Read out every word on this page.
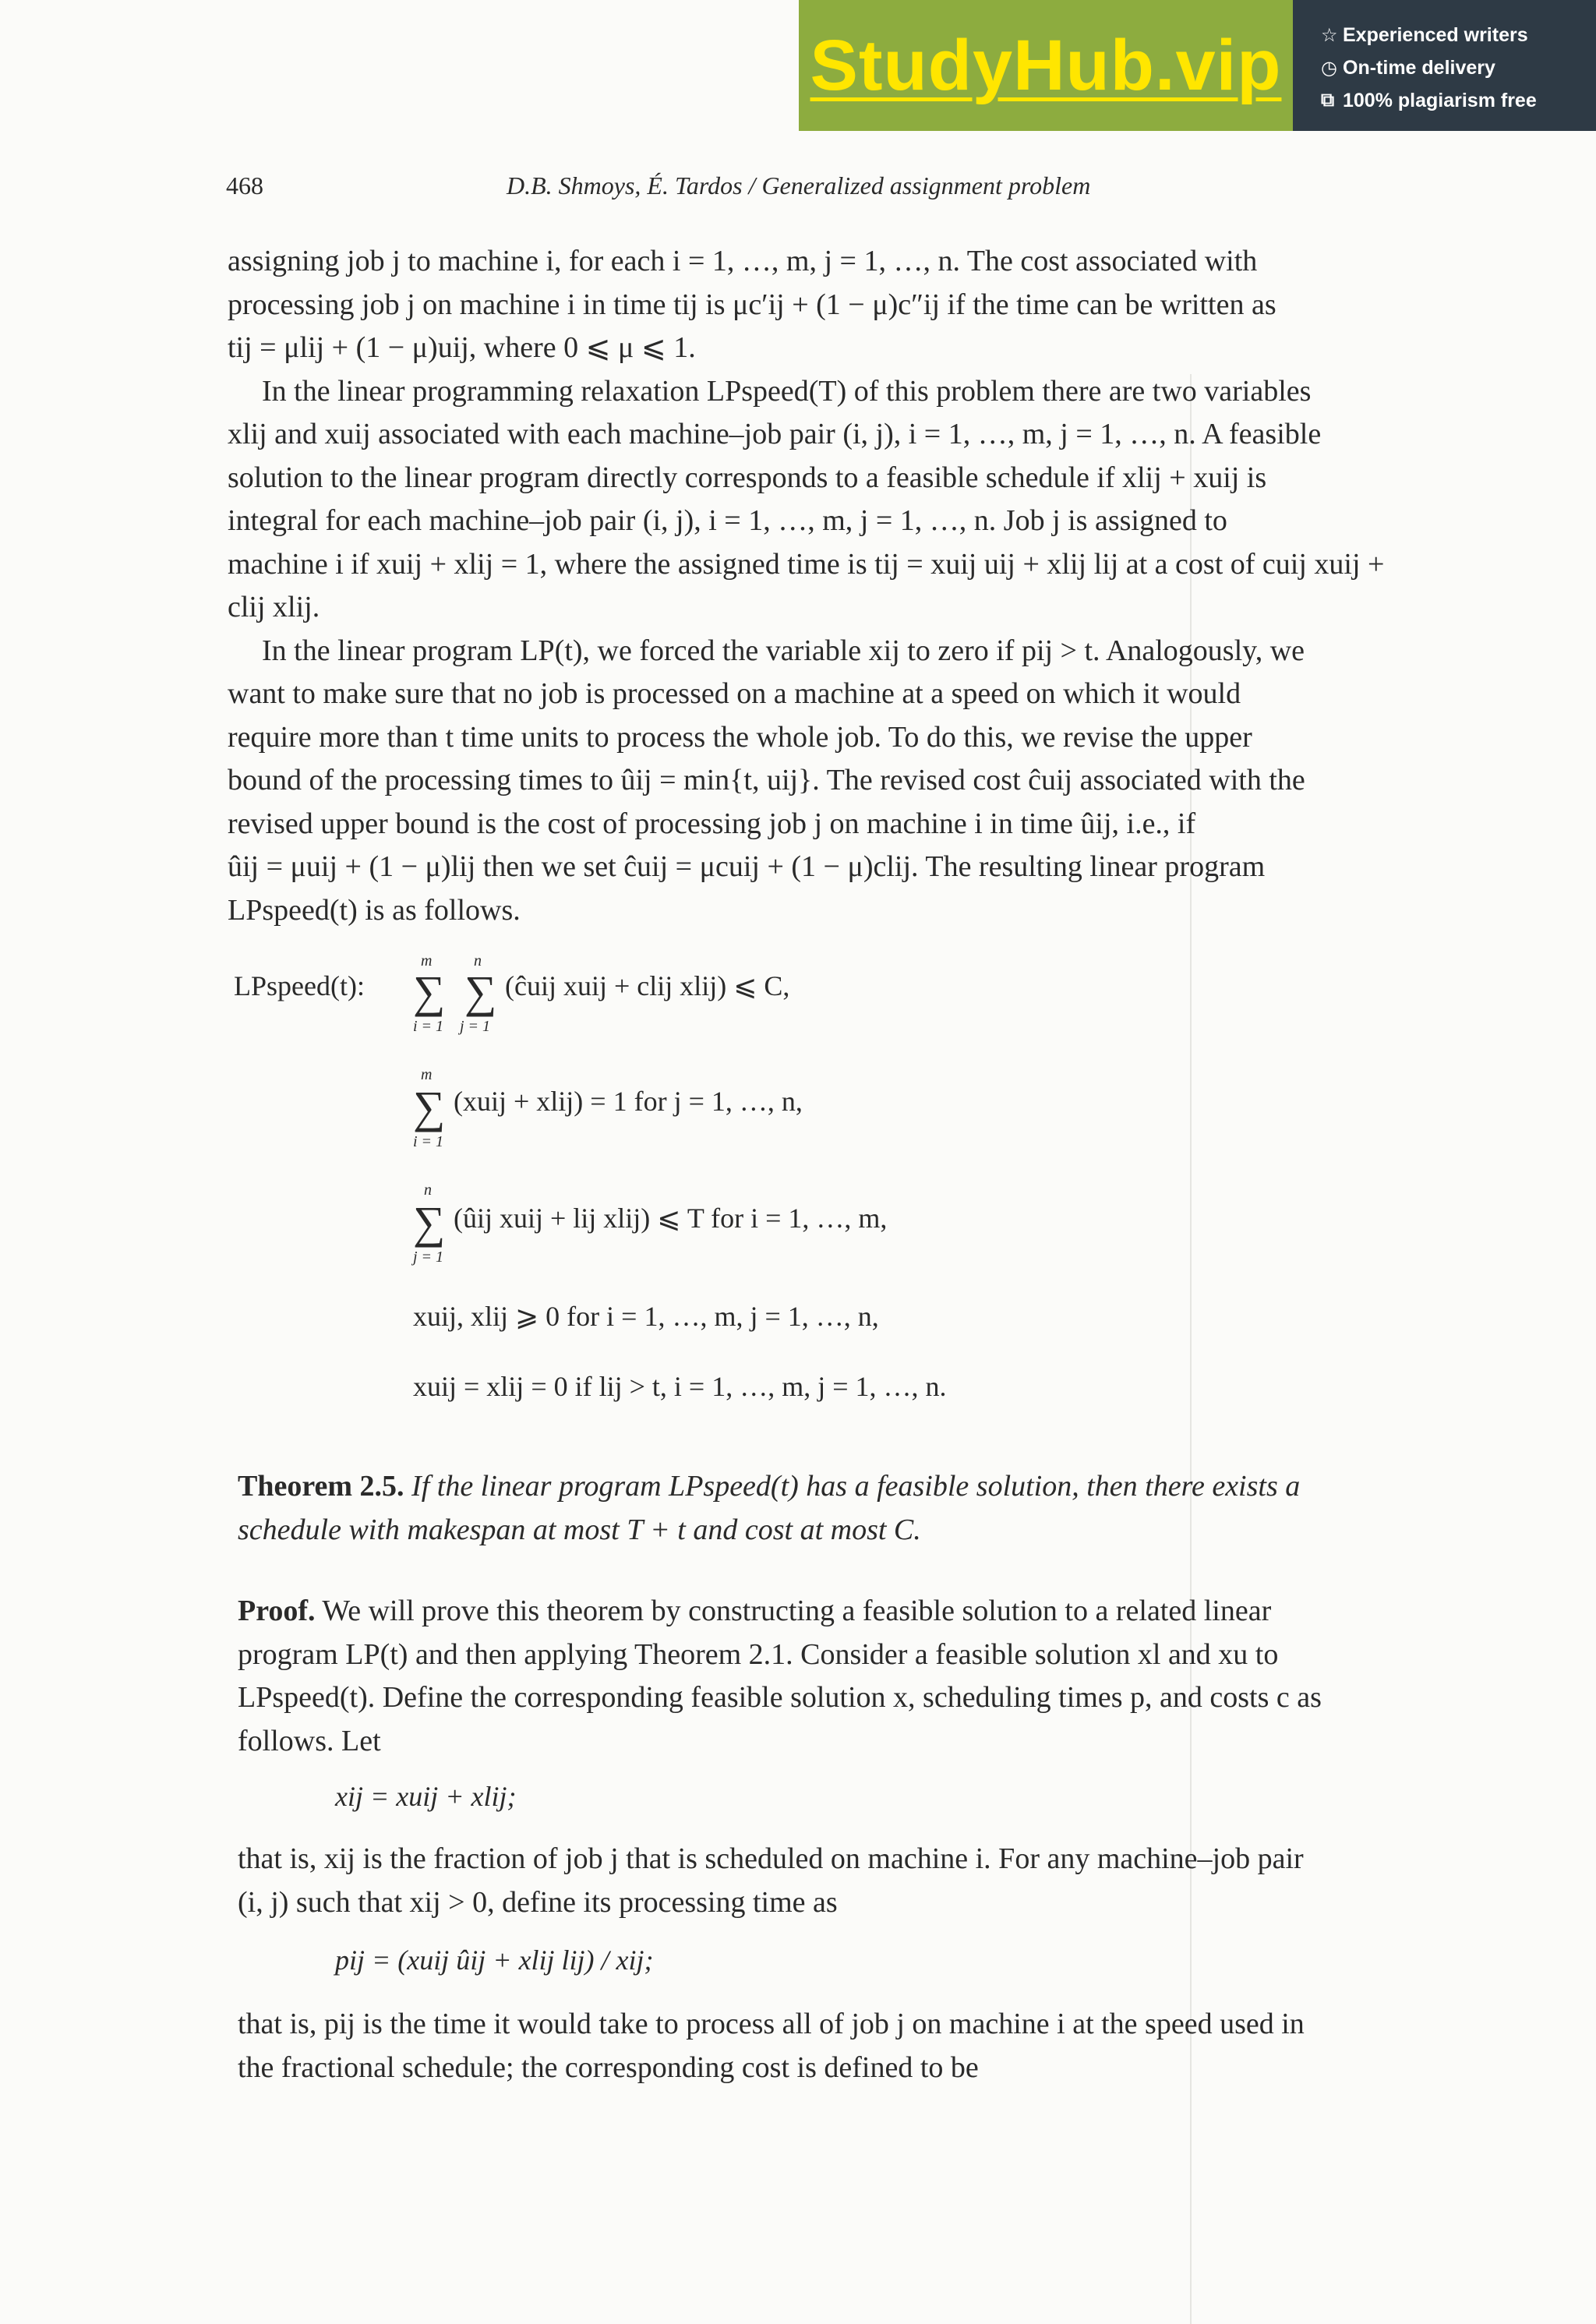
StudyHub.vip ☆ Experienced writers
◷ On-time delivery
⧉ 100% plagiarism free
468	D.B. Shmoys, É. Tardos / Generalized assignment problem

assigning job j to machine i, for each i = 1, …, m, j = 1, …, n. The cost associated with

processing job j on machine i in time tij is μc′ij + (1 − μ)c″ij if the time can be written as

tij = μlij + (1 − μ)uij, where 0 ⩽ μ ⩽ 1.

In the linear programming relaxation LPspeed(T) of this problem there are two variables

xlij and xuij associated with each machine–job pair (i, j), i = 1, …, m, j = 1, …, n. A feasible

solution to the linear program directly corresponds to a feasible schedule if xlij + xuij is

integral for each machine–job pair (i, j), i = 1, …, m, j = 1, …, n. Job j is assigned to

machine i if xuij + xlij = 1, where the assigned time is tij = xuij uij + xlij lij at a cost of cuij xuij +

clij xlij.

In the linear program LP(t), we forced the variable xij to zero if pij > t. Analogously, we

want to make sure that no job is processed on a machine at a speed on which it would

require more than t time units to process the whole job. To do this, we revise the upper

bound of the processing times to ûij = min{t, uij}. The revised cost ĉuij associated with the

revised upper bound is the cost of processing job j on machine i in time ûij, i.e., if

ûij = μuij + (1 − μ)lij then we set ĉuij = μcuij + (1 − μ)clij. The resulting linear program

LPspeed(t) is as follows.

LPspeed(t):
m
∑
i = 1
n
∑
j = 1
(ĉuij xuij + clij xlij) ⩽ C,
m
∑
i = 1
(xuij + xlij) = 1 for j = 1, …, n,
n
∑
j = 1
(ûij xuij + lij xlij) ⩽ T for i = 1, …, m,
xuij, xlij ⩾ 0 for i = 1, …, m, j = 1, …, n,
xuij = xlij = 0 if lij > t, i = 1, …, m, j = 1, …, n.

Theorem 2.5. If the linear program LPspeed(t) has a feasible solution, then there exists a

schedule with makespan at most T + t and cost at most C.

Proof. We will prove this theorem by constructing a feasible solution to a related linear

program LP(t) and then applying Theorem 2.1. Consider a feasible solution xl and xu to

LPspeed(t). Define the corresponding feasible solution x, scheduling times p, and costs c as

follows. Let

xij = xuij + xlij;

that is, xij is the fraction of job j that is scheduled on machine i. For any machine–job pair

(i, j) such that xij > 0, define its processing time as

pij = (xuij ûij + xlij lij) / xij;

that is, pij is the time it would take to process all of job j on machine i at the speed used in

the fractional schedule; the corresponding cost is defined to be
